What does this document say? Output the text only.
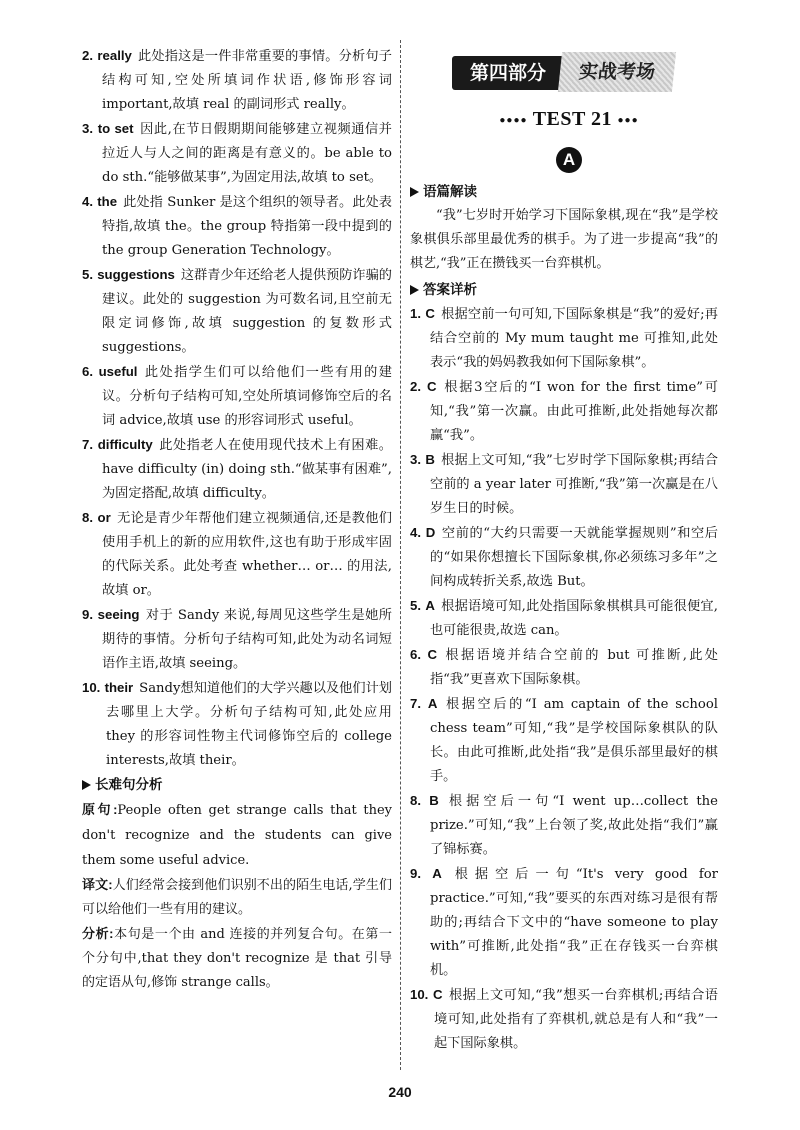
2. really 此处指这是一件非常重要的事情。分析句子结构可知,空处所填词作状语,修饰形容词 important,故填 real 的副词形式 really。
3. to set 因此,在节日假期期间能够建立视频通信并拉近人与人之间的距离是有意义的。be able to do sth.“能够做某事”,为固定用法,故填 to set。
4. the 此处指 Sunker 是这个组织的领导者。此处表特指,故填 the。the group 特指第一段中提到的 the group Generation Technology。
5. suggestions 这群青少年还给老人提供预防诈骗的建议。此处的 suggestion 为可数名词,且空前无限定词修饰,故填 suggestion 的复数形式 suggestions。
6. useful 此处指学生们可以给他们一些有用的建议。分析句子结构可知,空处所填词修饰空后的名词 advice,故填 use 的形容词形式 useful。
7. difficulty 此处指老人在使用现代技术上有困难。have difficulty (in) doing sth.“做某事有困难”,为固定搭配,故填 difficulty。
8. or 无论是青少年帮他们建立视频通信,还是教他们使用手机上的新的应用软件,这也有助于形成牢固的代际关系。此处考查 whether… or… 的用法,故填 or。
9. seeing 对于 Sandy 来说,每周见这些学生是她所期待的事情。分析句子结构可知,此处为动名词短语作主语,故填 seeing。
10. their Sandy想知道他们的大学兴趣以及他们计划去哪里上大学。分析句子结构可知,此处应用 they 的形容词性物主代词修饰空后的 college interests,故填 their。
长难句分析

原句:People often get strange calls that they don't recognize and the students can give them some useful advice.

译文:人们经常会接到他们识别不出的陌生电话,学生们可以给他们一些有用的建议。

分析:本句是一个由 and 连接的并列复合句。在第一个分句中,that they don't recognize 是 that 引导的定语从句,修饰 strange calls。

第四部分	实战考场
●●●● TEST 21 ●●●
A
语篇解读

“我”七岁时开始学习下国际象棋,现在“我”是学校象棋俱乐部里最优秀的棋手。为了进一步提高“我”的棋艺,“我”正在攒钱买一台弈棋机。

答案详析
1. C 根据空前一句可知,下国际象棋是“我”的爱好;再结合空前的 My mum taught me 可推知,此处表示“我的妈妈教我如何下国际象棋”。
2. C 根据3空后的“I won for the first time”可知,“我”第一次赢。由此可推断,此处指她每次都赢“我”。
3. B 根据上文可知,“我”七岁时学下国际象棋;再结合空前的 a year later 可推断,“我”第一次赢是在八岁生日的时候。
4. D 空前的“大约只需要一天就能掌握规则”和空后的“如果你想擅长下国际象棋,你必须练习多年”之间构成转折关系,故选 But。
5. A 根据语境可知,此处指国际象棋棋具可能很便宜,也可能很贵,故选 can。
6. C 根据语境并结合空前的 but 可推断,此处指“我”更喜欢下国际象棋。
7. A 根据空后的“I am captain of the school chess team”可知,“我”是学校国际象棋队的队长。由此可推断,此处指“我”是俱乐部里最好的棋手。
8. B 根据空后一句“I went up…collect the prize.”可知,“我”上台领了奖,故此处指“我们”赢了锦标赛。
9. A 根据空后一句“It's very good for practice.”可知,“我”要买的东西对练习是很有帮助的;再结合下文中的“have someone to play with”可推断,此处指“我”正在存钱买一台弈棋机。
10. C 根据上文可知,“我”想买一台弈棋机;再结合语境可知,此处指有了弈棋机,就总是有人和“我”一起下国际象棋。
240
